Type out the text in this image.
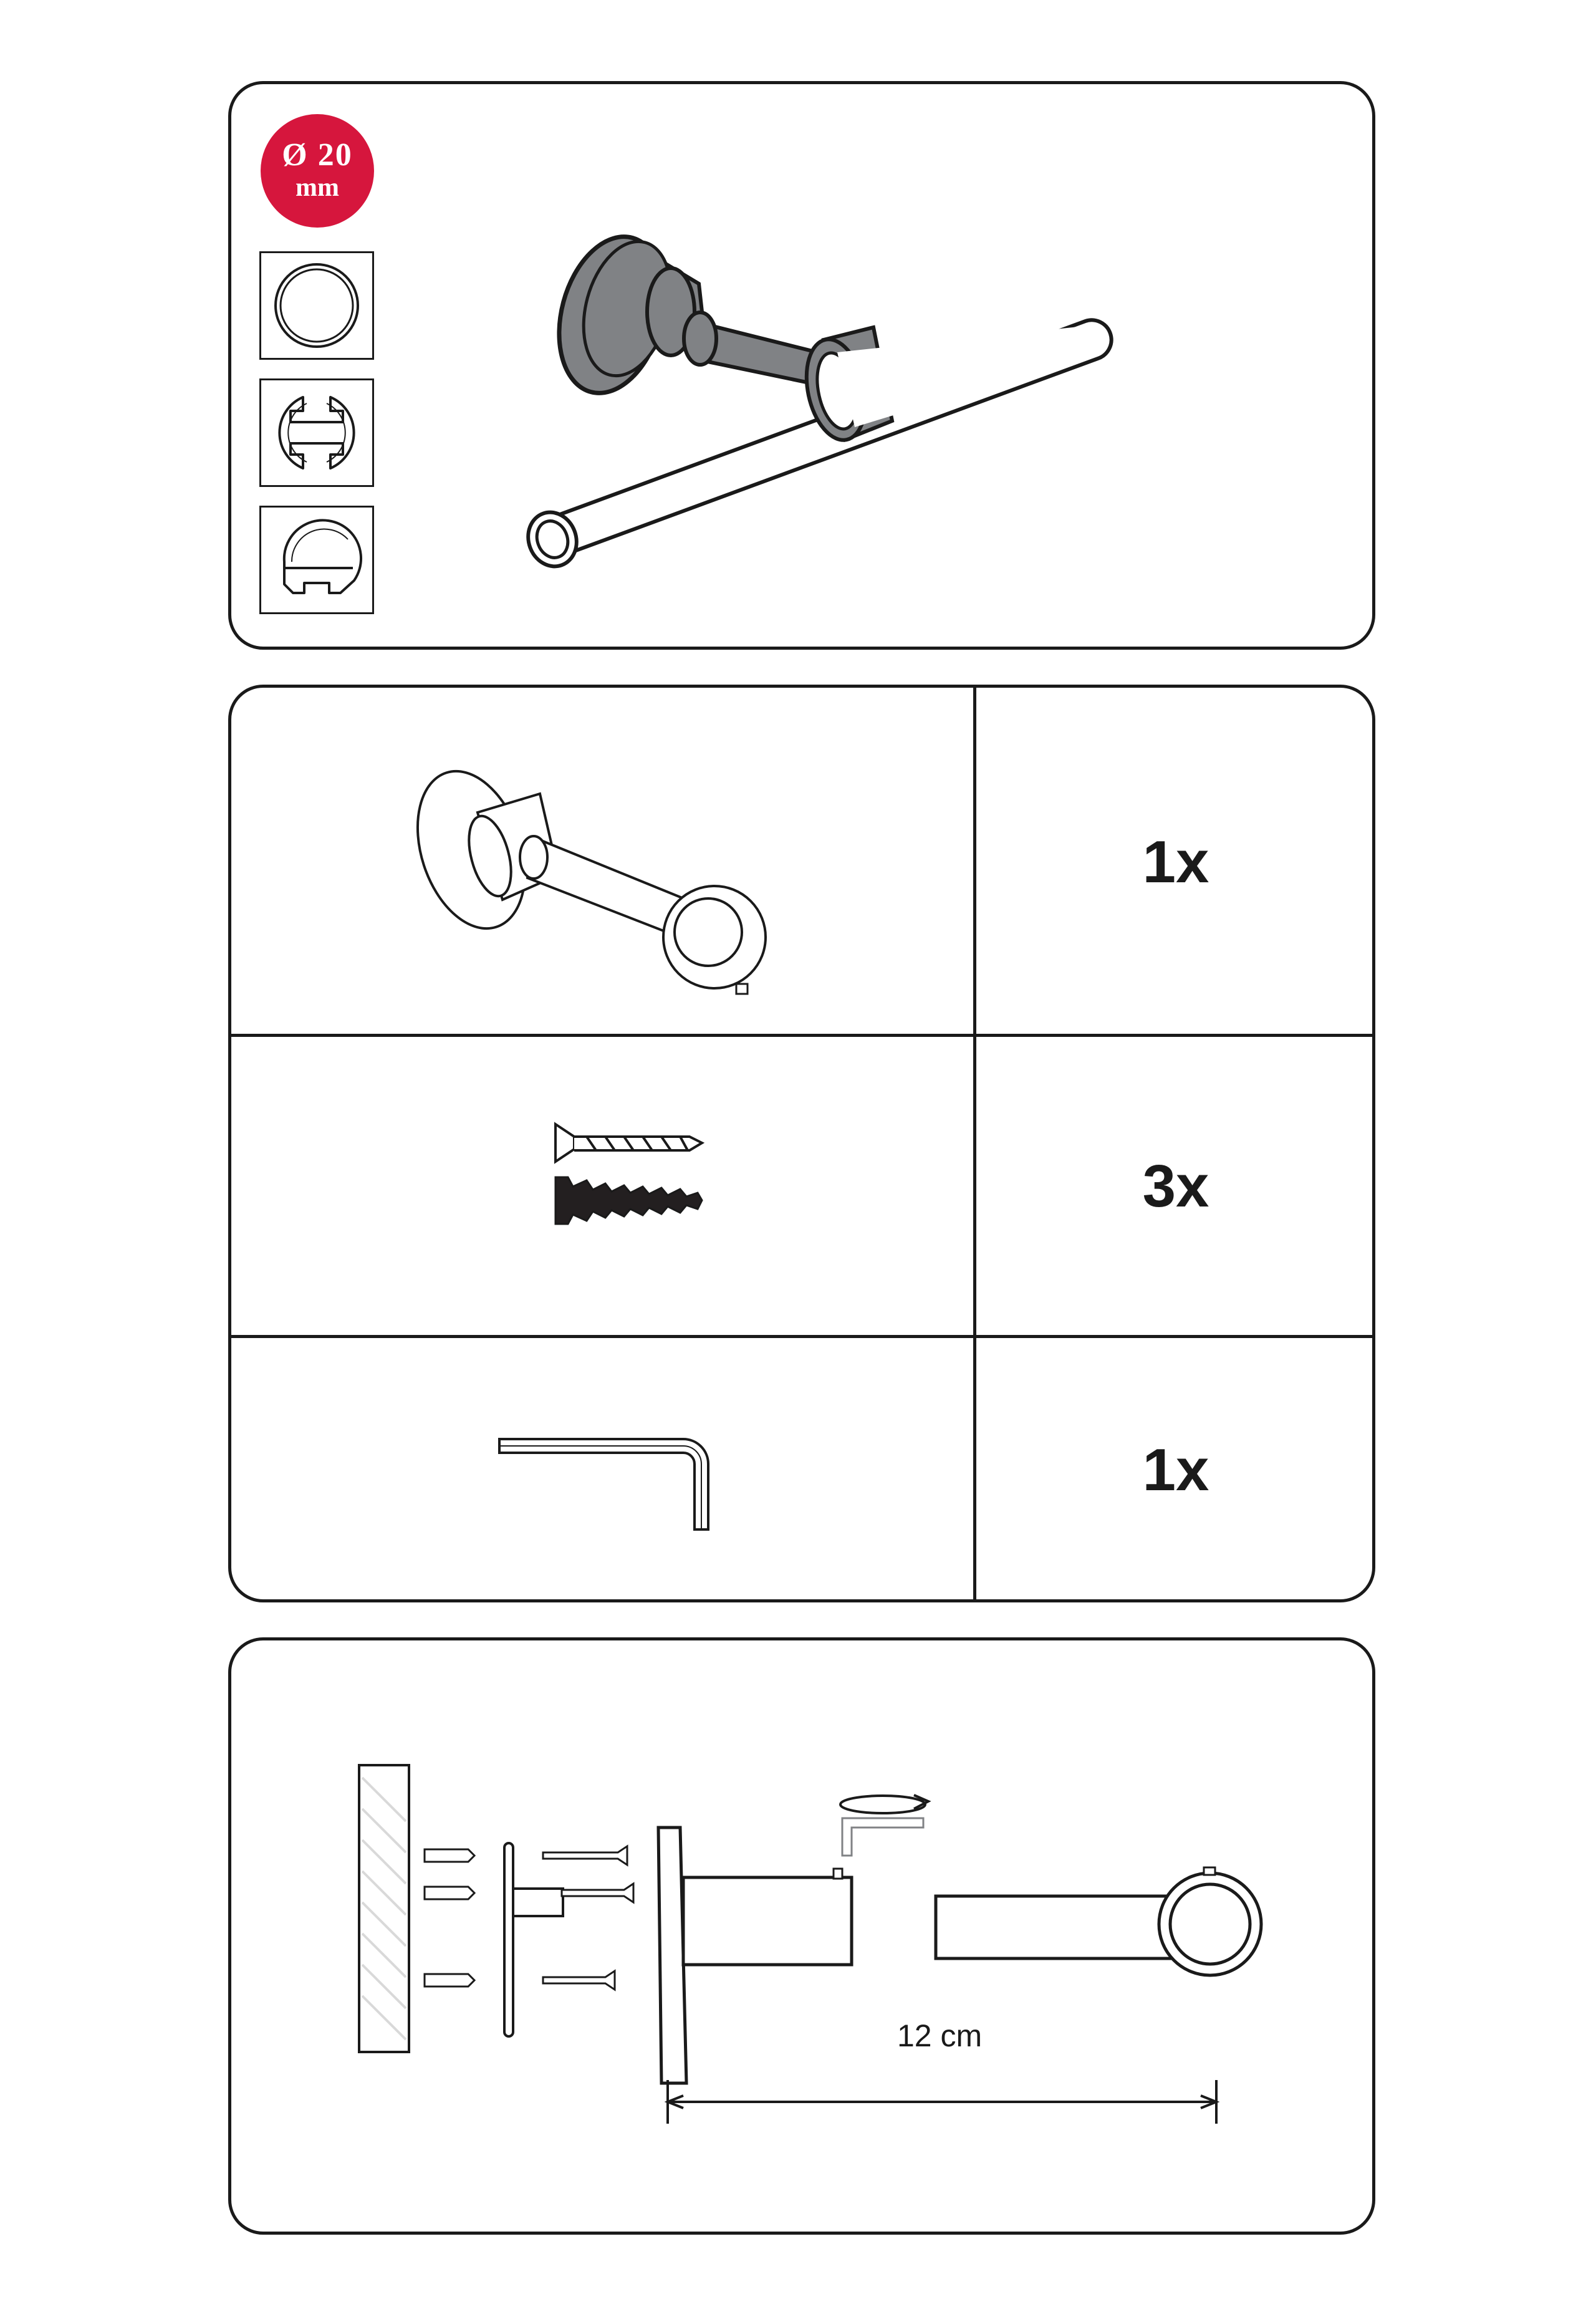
Ø 20
mm
1x
3x
1x
12 cm
